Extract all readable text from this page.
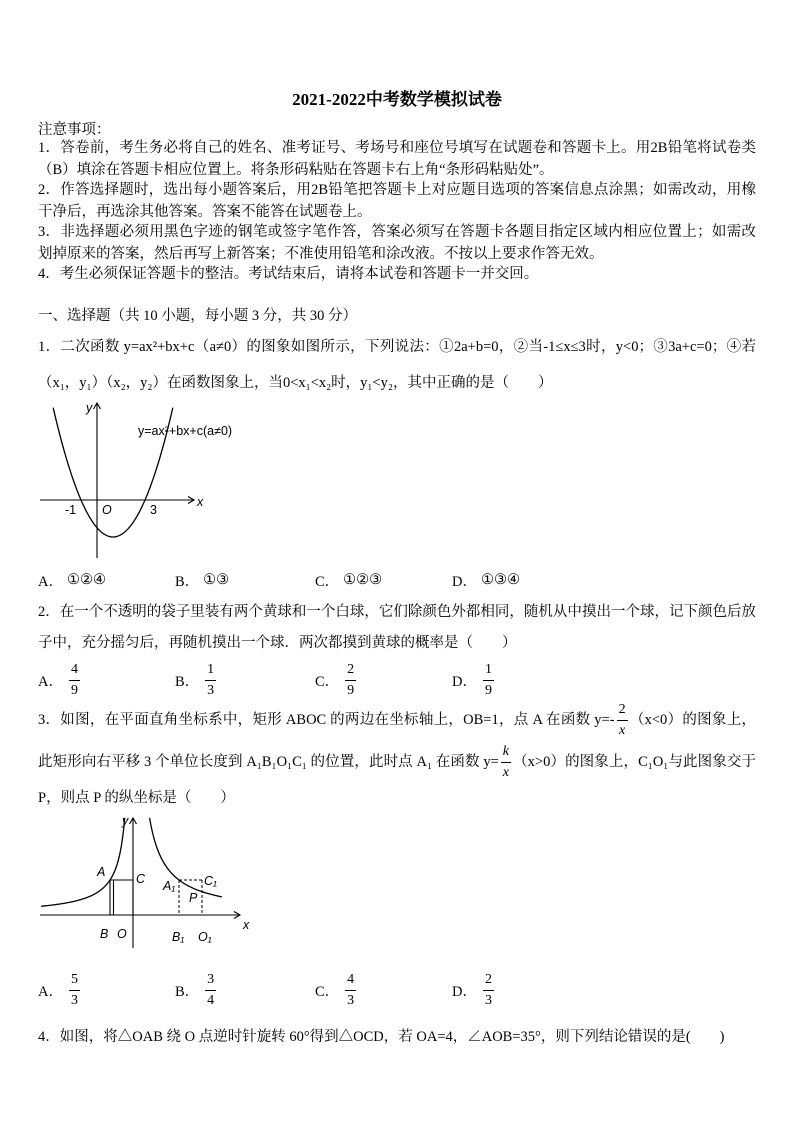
2021-2022中考数学模拟试卷
注意事项：
1．答卷前，考生务必将自己的姓名、准考证号、考场号和座位号填写在试题卷和答题卡上。用2B铅笔将试卷类
（B）填涂在答题卡相应位置上。将条形码粘贴在答题卡右上角“条形码粘贴处”。
2．作答选择题时，选出每小题答案后，用2B铅笔把答题卡上对应题目选项的答案信息点涂黑；如需改动，用橡
干净后，再选涂其他答案。答案不能答在试题卷上。
3．非选择题必须用黑色字迹的钢笔或签字笔作答，答案必须写在答题卡各题目指定区域内相应位置上；如需改
划掉原来的答案，然后再写上新答案；不准使用铅笔和涂改液。不按以上要求作答无效。
4．考生必须保证答题卡的整洁。考试结束后，请将本试卷和答题卡一并交回。
一、选择题（共 10 小题，每小题 3 分，共 30 分）
1．二次函数 y=ax²+bx+c（a≠0）的图象如图所示，下列说法：①2a+b=0，②当-1≤x≤3时，y<0；③3a+c=0；④若
（x₁，y₁）（x₂，y₂）在函数图象上，当0<x₁<x₂时，y₁<y₂，其中正确的是（　　）
y
y=ax²+bx+c(a≠0)
-1 O	3
x
A． ①②④	B． ①③	C． ①②③	D． ①③④
2．在一个不透明的袋子里装有两个黄球和一个白球，它们除颜色外都相同，随机从中摸出一个球，记下颜色后放
子中，充分摇匀后，再随机摸出一个球．两次都摸到黄球的概率是（　　）
A． $\frac{4}{9}$	B． $\frac{1}{3}$	C． $\frac{2}{9}$	D． $\frac{1}{9}$
3．如图，在平面直角坐标系中，矩形 ABOC 的两边在坐标轴上，OB=1，点 A 在函数 $y=- \frac{2}{x} (x<0)$的图象上，
此矩形向右平移 3 个单位长度到 A₁B₁O₁C₁ 的位置，此时点 A₁ 在函数 $y= \frac{k}{x} (x>0)$的图象上，C₁O₁与此图象交于
P，则点 P 的纵坐标是（　　）
y
x
A C
B O
A₁ C₁
P
B₁ O₁
A． $\frac{5}{3}$	B． $\frac{3}{4}$	C． $\frac{4}{3}$	D． $\frac{2}{3}$
4．如图，将△OAB 绕 O 点逆时针旋转 60°得到△OCD，若 OA=4，∠AOB=35°，则下列结论错误的是(　　)
